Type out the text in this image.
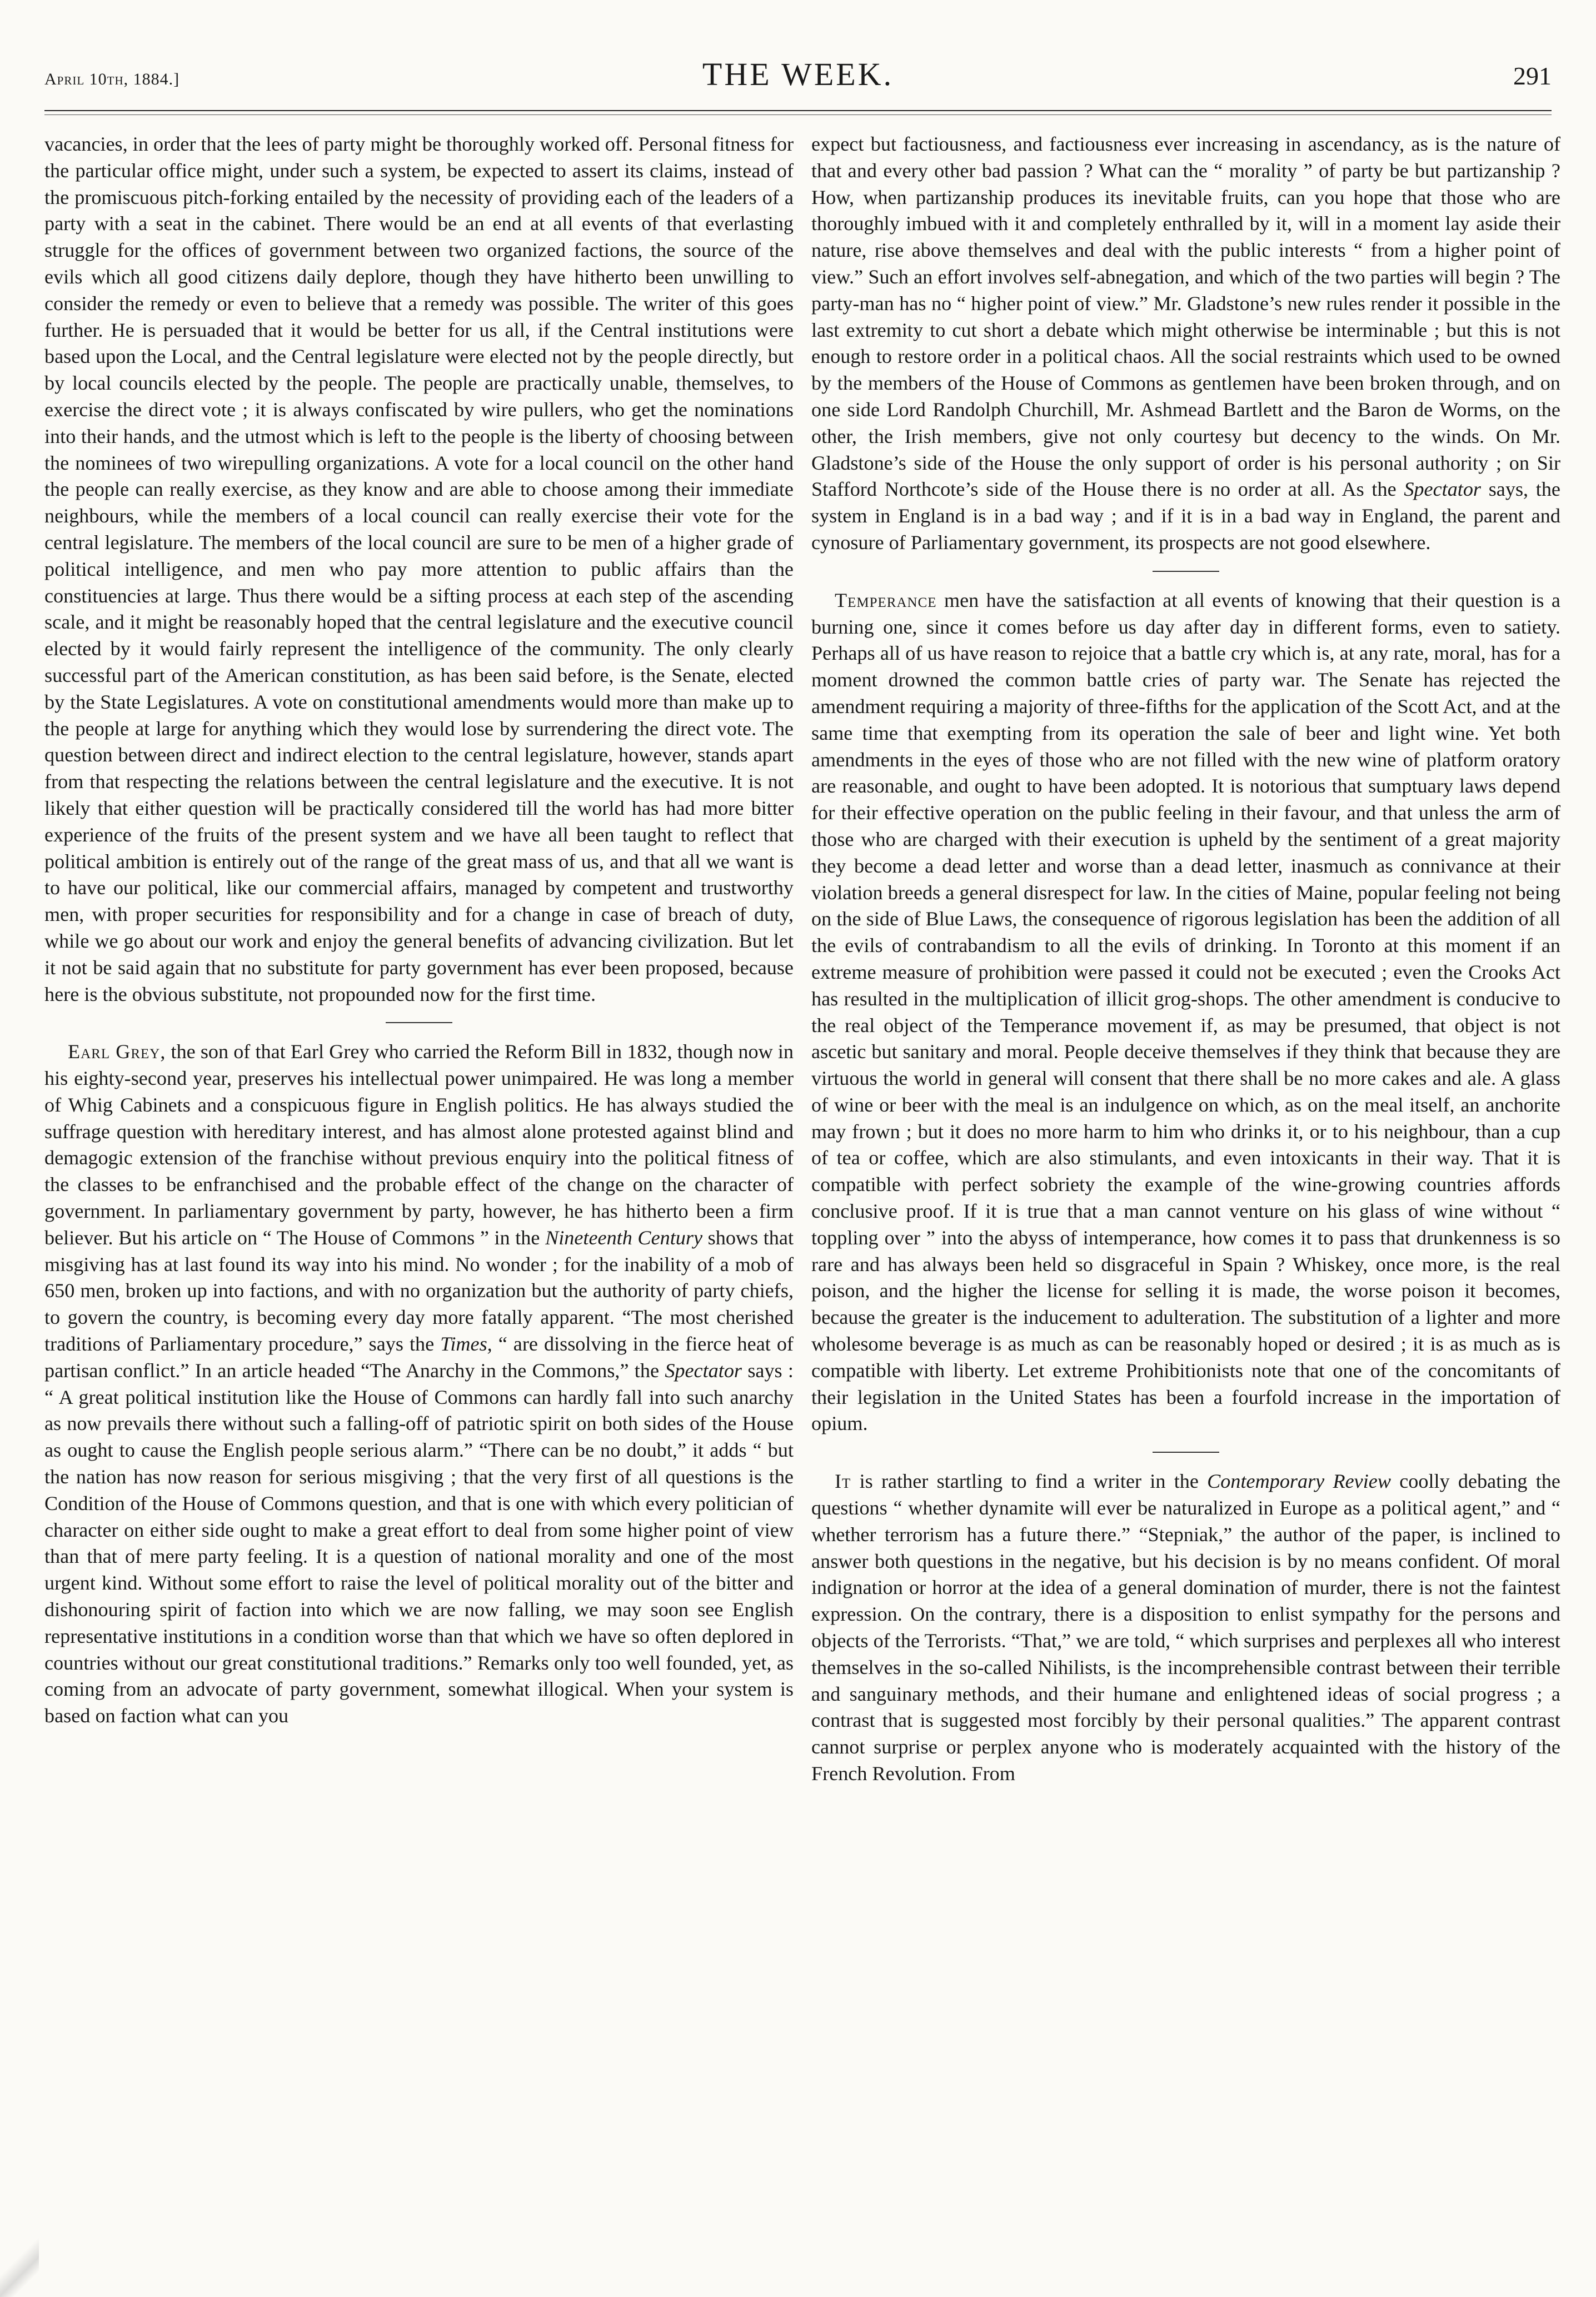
April 10th, 1884.]	THE WEEK.	291

vacancies, in order that the lees of party might be thoroughly worked off. Personal fitness for the particular office might, under such a system, be expected to assert its claims, instead of the promiscuous pitch-forking entailed by the necessity of providing each of the leaders of a party with a seat in the cabinet. There would be an end at all events of that everlasting struggle for the offices of government between two organized factions, the source of the evils which all good citizens daily deplore, though they have hitherto been unwilling to consider the remedy or even to believe that a remedy was possible. The writer of this goes further. He is persuaded that it would be better for us all, if the Central institutions were based upon the Local, and the Central legislature were elected not by the people directly, but by local councils elected by the people. The people are practically unable, themselves, to exercise the direct vote ; it is always confiscated by wire pullers, who get the nominations into their hands, and the utmost which is left to the people is the liberty of choosing between the nominees of two wirepulling organizations. A vote for a local council on the other hand the people can really exercise, as they know and are able to choose among their immediate neighbours, while the members of a local council can really exercise their vote for the central legislature. The members of the local council are sure to be men of a higher grade of political intelligence, and men who pay more attention to public affairs than the constituencies at large. Thus there would be a sifting process at each step of the ascending scale, and it might be reasonably hoped that the central legislature and the executive council elected by it would fairly represent the intelligence of the community. The only clearly successful part of the American constitution, as has been said before, is the Senate, elected by the State Legislatures. A vote on constitutional amendments would more than make up to the people at large for anything which they would lose by surrendering the direct vote. The question between direct and indirect election to the central legislature, however, stands apart from that respecting the relations between the central legislature and the executive. It is not likely that either question will be practically considered till the world has had more bitter experience of the fruits of the present system and we have all been taught to reflect that political ambition is entirely out of the range of the great mass of us, and that all we want is to have our political, like our commercial affairs, managed by competent and trustworthy men, with proper securities for responsibility and for a change in case of breach of duty, while we go about our work and enjoy the general benefits of advancing civilization. But let it not be said again that no substitute for party government has ever been proposed, because here is the obvious substitute, not propounded now for the first time.

Earl Grey, the son of that Earl Grey who carried the Reform Bill in 1832, though now in his eighty-second year, preserves his intellectual power unimpaired. He was long a member of Whig Cabinets and a conspicuous figure in English politics. He has always studied the suffrage question with hereditary interest, and has almost alone protested against blind and demagogic extension of the franchise without previous enquiry into the political fitness of the classes to be enfranchised and the probable effect of the change on the character of government. In parliamentary government by party, however, he has hitherto been a firm believer. But his article on “ The House of Commons ” in the Nineteenth Century shows that misgiving has at last found its way into his mind. No wonder ; for the inability of a mob of 650 men, broken up into factions, and with no organization but the authority of party chiefs, to govern the country, is becoming every day more fatally apparent. “The most cherished traditions of Parliamentary procedure,” says the Times, “ are dissolving in the fierce heat of partisan conflict.” In an article headed “The Anarchy in the Commons,” the Spectator says : “ A great political institution like the House of Commons can hardly fall into such anarchy as now prevails there without such a falling-off of patriotic spirit on both sides of the House as ought to cause the English people serious alarm.” “There can be no doubt,” it adds “ but the nation has now reason for serious misgiving ; that the very first of all questions is the Condition of the House of Commons question, and that is one with which every politician of character on either side ought to make a great effort to deal from some higher point of view than that of mere party feeling. It is a question of national morality and one of the most urgent kind. Without some effort to raise the level of political morality out of the bitter and dishonouring spirit of faction into which we are now falling, we may soon see English representative institutions in a condition worse than that which we have so often deplored in countries without our great constitutional traditions.” Remarks only too well founded, yet, as coming from an advocate of party government, somewhat illogical. When your system is based on faction what can you

expect but factiousness, and factiousness ever increasing in ascendancy, as is the nature of that and every other bad passion ? What can the “ morality ” of party be but partizanship ? How, when partizanship produces its inevitable fruits, can you hope that those who are thoroughly imbued with it and completely enthralled by it, will in a moment lay aside their nature, rise above themselves and deal with the public interests “ from a higher point of view.” Such an effort involves self-abnegation, and which of the two parties will begin ? The party-man has no “ higher point of view.” Mr. Gladstone’s new rules render it possible in the last extremity to cut short a debate which might otherwise be interminable ; but this is not enough to restore order in a political chaos. All the social restraints which used to be owned by the members of the House of Commons as gentlemen have been broken through, and on one side Lord Randolph Churchill, Mr. Ashmead Bartlett and the Baron de Worms, on the other, the Irish members, give not only courtesy but decency to the winds. On Mr. Gladstone’s side of the House the only support of order is his personal authority ; on Sir Stafford Northcote’s side of the House there is no order at all. As the Spectator says, the system in England is in a bad way ; and if it is in a bad way in England, the parent and cynosure of Parliamentary government, its prospects are not good elsewhere.

Temperance men have the satisfaction at all events of knowing that their question is a burning one, since it comes before us day after day in different forms, even to satiety. Perhaps all of us have reason to rejoice that a battle cry which is, at any rate, moral, has for a moment drowned the common battle cries of party war. The Senate has rejected the amendment requiring a majority of three-fifths for the application of the Scott Act, and at the same time that exempting from its operation the sale of beer and light wine. Yet both amendments in the eyes of those who are not filled with the new wine of platform oratory are reasonable, and ought to have been adopted. It is notorious that sumptuary laws depend for their effective operation on the public feeling in their favour, and that unless the arm of those who are charged with their execution is upheld by the sentiment of a great majority they become a dead letter and worse than a dead letter, inasmuch as connivance at their violation breeds a general disrespect for law. In the cities of Maine, popular feeling not being on the side of Blue Laws, the consequence of rigorous legislation has been the addition of all the evils of contrabandism to all the evils of drinking. In Toronto at this moment if an extreme measure of prohibition were passed it could not be executed ; even the Crooks Act has resulted in the multiplication of illicit grog-shops. The other amendment is conducive to the real object of the Temperance movement if, as may be presumed, that object is not ascetic but sanitary and moral. People deceive themselves if they think that because they are virtuous the world in general will consent that there shall be no more cakes and ale. A glass of wine or beer with the meal is an indulgence on which, as on the meal itself, an anchorite may frown ; but it does no more harm to him who drinks it, or to his neighbour, than a cup of tea or coffee, which are also stimulants, and even intoxicants in their way. That it is compatible with perfect sobriety the example of the wine-growing countries affords conclusive proof. If it is true that a man cannot venture on his glass of wine without “ toppling over ” into the abyss of intemperance, how comes it to pass that drunkenness is so rare and has always been held so disgraceful in Spain ? Whiskey, once more, is the real poison, and the higher the license for selling it is made, the worse poison it becomes, because the greater is the inducement to adulteration. The substitution of a lighter and more wholesome beverage is as much as can be reasonably hoped or desired ; it is as much as is compatible with liberty. Let extreme Prohibitionists note that one of the concomitants of their legislation in the United States has been a fourfold increase in the importation of opium.

It is rather startling to find a writer in the Contemporary Review coolly debating the questions “ whether dynamite will ever be naturalized in Europe as a political agent,” and “ whether terrorism has a future there.” “Stepniak,” the author of the paper, is inclined to answer both questions in the negative, but his decision is by no means confident. Of moral indignation or horror at the idea of a general domination of murder, there is not the faintest expression. On the contrary, there is a disposition to enlist sympathy for the persons and objects of the Terrorists. “That,” we are told, “ which surprises and perplexes all who interest themselves in the so-called Nihilists, is the incomprehensible contrast between their terrible and sanguinary methods, and their humane and enlightened ideas of social progress ; a contrast that is suggested most forcibly by their personal qualities.” The apparent contrast cannot surprise or perplex anyone who is moderately acquainted with the history of the French Revolution. From
